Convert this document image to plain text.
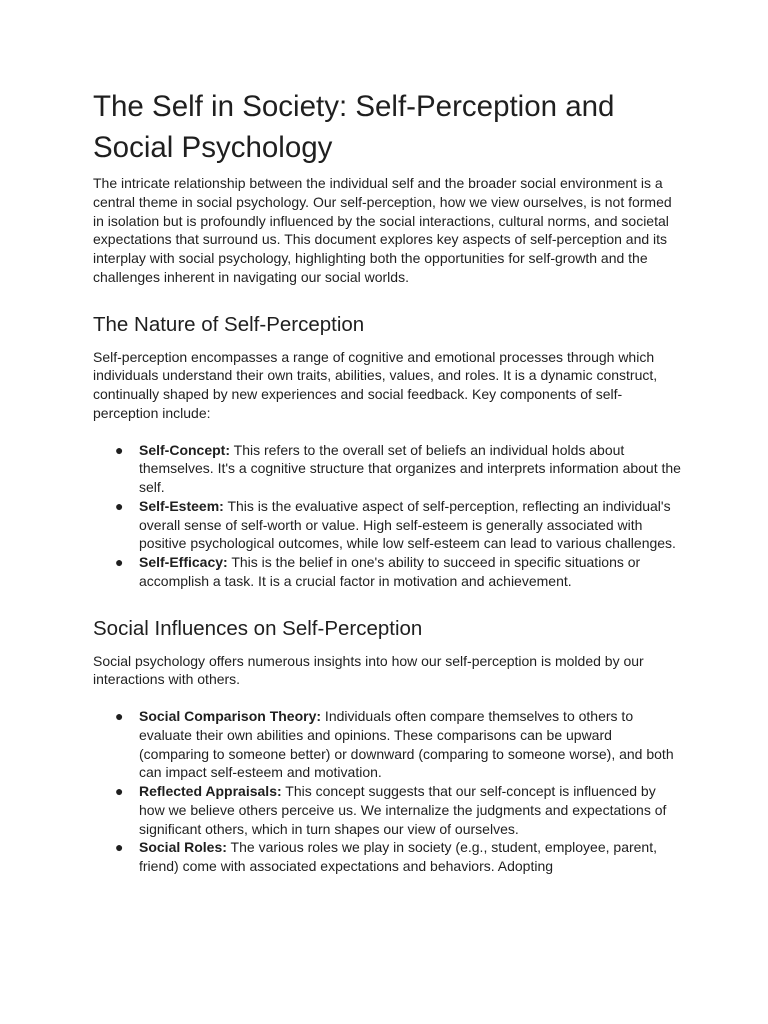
The Self in Society: Self-Perception and Social Psychology

The intricate relationship between the individual self and the broader social environment is a central theme in social psychology. Our self-perception, how we view ourselves, is not formed in isolation but is profoundly influenced by the social interactions, cultural norms, and societal expectations that surround us. This document explores key aspects of self-perception and its interplay with social psychology, highlighting both the opportunities for self-growth and the challenges inherent in navigating our social worlds.

The Nature of Self-Perception

Self-perception encompasses a range of cognitive and emotional processes through which individuals understand their own traits, abilities, values, and roles. It is a dynamic construct, continually shaped by new experiences and social feedback. Key components of self-perception include:

● Self-Concept: This refers to the overall set of beliefs an individual holds about themselves. It's a cognitive structure that organizes and interprets information about the self.
● Self-Esteem: This is the evaluative aspect of self-perception, reflecting an individual's overall sense of self-worth or value. High self-esteem is generally associated with positive psychological outcomes, while low self-esteem can lead to various challenges.
● Self-Efficacy: This is the belief in one's ability to succeed in specific situations or accomplish a task. It is a crucial factor in motivation and achievement.
Social Influences on Self-Perception

Social psychology offers numerous insights into how our self-perception is molded by our interactions with others.

● Social Comparison Theory: Individuals often compare themselves to others to evaluate their own abilities and opinions. These comparisons can be upward (comparing to someone better) or downward (comparing to someone worse), and both can impact self-esteem and motivation.
● Reflected Appraisals: This concept suggests that our self-concept is influenced by how we believe others perceive us. We internalize the judgments and expectations of significant others, which in turn shapes our view of ourselves.
● Social Roles: The various roles we play in society (e.g., student, employee, parent, friend) come with associated expectations and behaviors. Adopting
